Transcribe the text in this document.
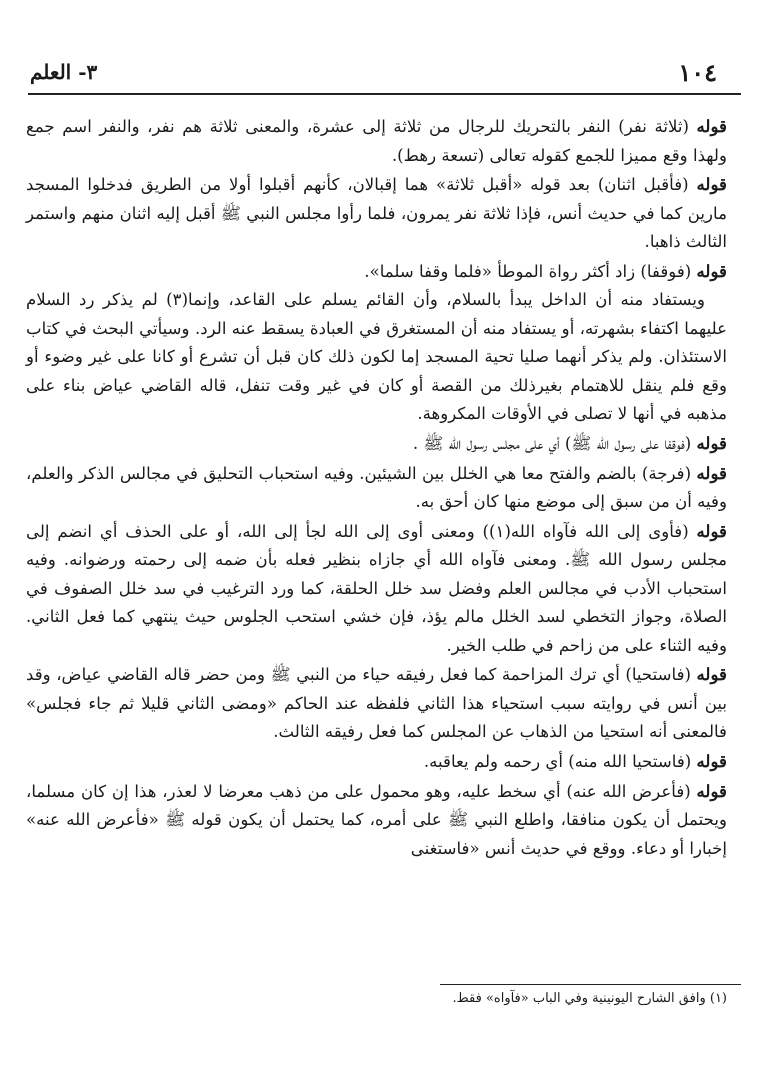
١٠٤
٣- العلم

قوله (ثلاثة نفر) النفر بالتحريك للرجال من ثلاثة إلى عشرة، والمعنى ثلاثة هم نفر، والنفر اسم جمع ولهذا وقع مميزا للجمع كقوله تعالى (تسعة رهط).

قوله (فأقبل اثنان) بعد قوله «أقبل ثلاثة» هما إقبالان، كأنهم أقبلوا أولا من الطريق فدخلوا المسجد مارين كما في حديث أنس، فإذا ثلاثة نفر يمرون، فلما رأوا مجلس النبي ﷺ أقبل إليه اثنان منهم واستمر الثالث ذاهبا.

قوله (فوقفا) زاد أكثر رواة الموطأ «فلما وقفا سلما».

ويستفاد منه أن الداخل يبدأ بالسلام، وأن القائم يسلم على القاعد، وإنما(٣) لم يذكر رد السلام عليهما اكتفاء بشهرته، أو يستفاد منه أن المستغرق في العبادة يسقط عنه الرد. وسيأتي البحث في كتاب الاستئذان. ولم يذكر أنهما صليا تحية المسجد إما لكون ذلك كان قبل أن تشرع أو كانا على غير وضوء أو وقع فلم ينقل للاهتمام بغيرذلك من القصة أو كان في غير وقت تنفل، قاله القاضي عياض بناء على مذهبه في أنها لا تصلى في الأوقات المكروهة.

قوله (فوقفا على رسول الله ﷺ) أي على مجلس رسول الله ﷺ .

قوله (فرجة) بالضم والفتح معا هي الخلل بين الشيئين. وفيه استحباب التحليق في مجالس الذكر والعلم، وفيه أن من سبق إلى موضع منها كان أحق به.

قوله (فأوى إلى الله فآواه الله(١)) ومعنى أوى إلى الله لجأ إلى الله، أو على الحذف أي انضم إلى مجلس رسول الله ﷺ. ومعنى فآواه الله أي جازاه بنظير فعله بأن ضمه إلى رحمته ورضوانه. وفيه استحباب الأدب في مجالس العلم وفضل سد خلل الحلقة، كما ورد الترغيب في سد خلل الصفوف في الصلاة، وجواز التخطي لسد الخلل مالم يؤذ، فإن خشي استحب الجلوس حيث ينتهي كما فعل الثاني. وفيه الثناء على من زاحم في طلب الخير.

قوله (فاستحيا) أي ترك المزاحمة كما فعل رفيقه حياء من النبي ﷺ ومن حضر قاله القاضي عياض، وقد بين أنس في روايته سبب استحياء هذا الثاني فلفظه عند الحاكم «ومضى الثاني قليلا ثم جاء فجلس» فالمعنى أنه استحيا من الذهاب عن المجلس كما فعل رفيقه الثالث.

قوله (فاستحيا الله منه) أي رحمه ولم يعاقبه.

قوله (فأعرض الله عنه) أي سخط عليه، وهو محمول على من ذهب معرضا لا لعذر، هذا إن كان مسلما، ويحتمل أن يكون منافقا، واطلع النبي ﷺ على أمره، كما يحتمل أن يكون قوله ﷺ «فأعرض الله عنه» إخبارا أو دعاء. ووقع في حديث أنس «فاستغنى

(١) وافق الشارح اليونينية وفي الباب «فآواه» فقط.
